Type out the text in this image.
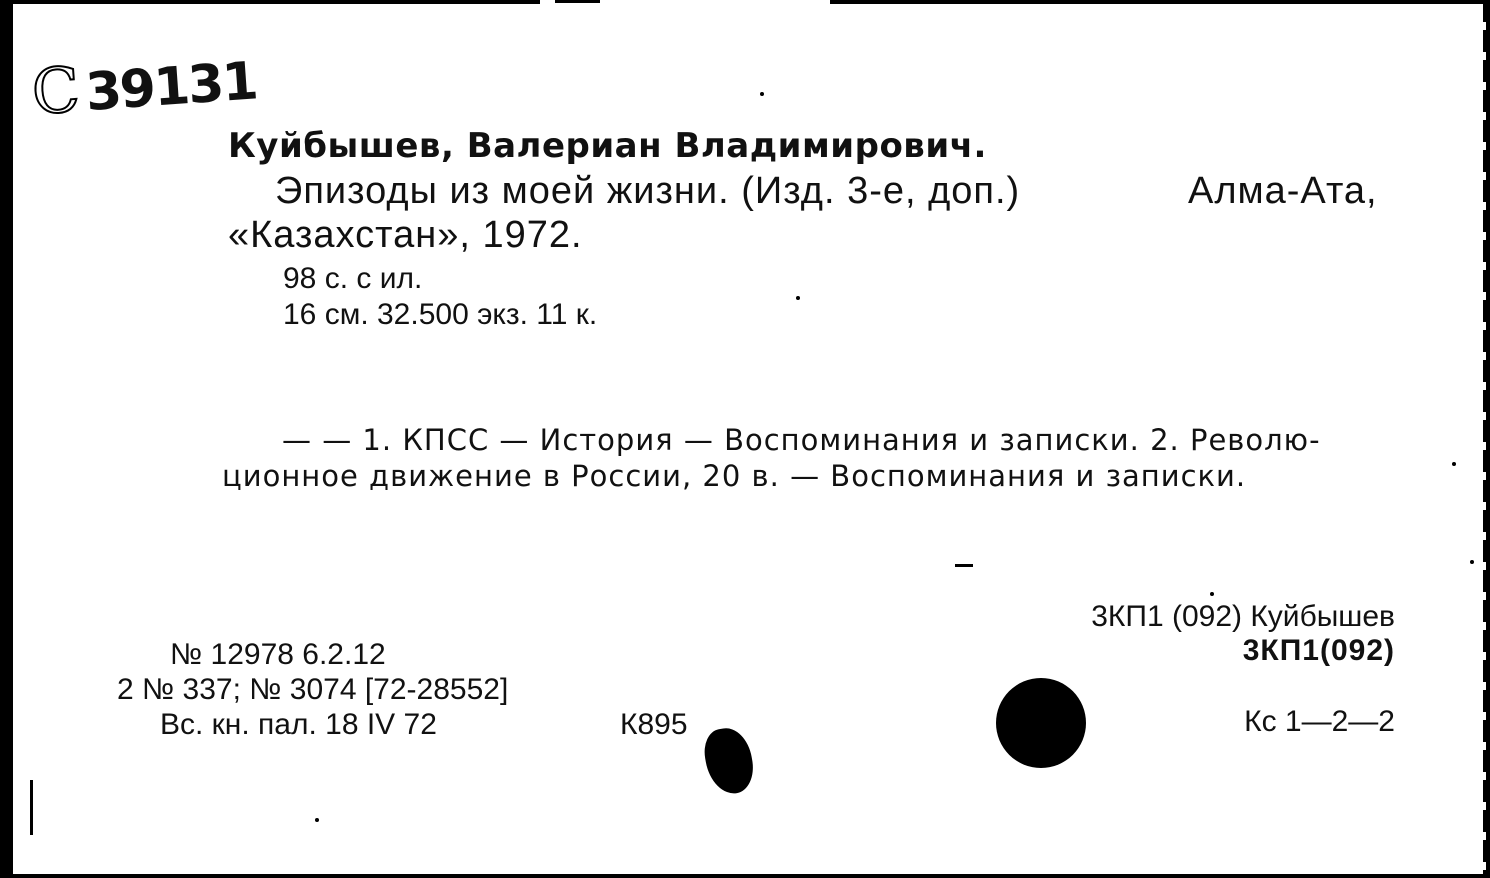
С39131
Куйбышев, Валериан Владимирович.
Эпизоды из моей жизни. (Изд. 3-е, доп.)	Алма-Ата,
«Казахстан», 1972.
98 с. с ил.
16 см. 32.500 экз. 11 к.
— — 1. КПСС — История — Воспоминания и записки. 2. Револю-
ционное движение в России, 20 в. — Воспоминания и записки.
3КП1 (092) Куйбышев
3КП1(092)
Кс 1—2—2
№ 12978 6.2.12
2 № 337; № 3074 [72-28552]
Вс. кн. пал. 18 IV 72	К895
